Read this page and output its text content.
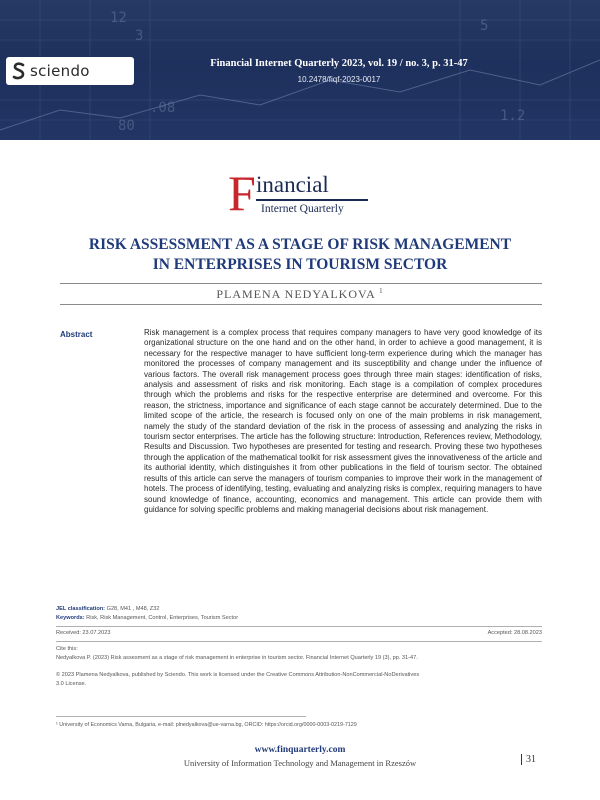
12
3
.08
80
5
1.2
sciendo	Financial Internet Quarterly 2023, vol. 19 / no. 3, p. 31-47
10.2478/fiqf-2023-0017
F inancial
Internet Quarterly
RISK ASSESSMENT AS A STAGE OF RISK MANAGEMENT
IN ENTERPRISES IN TOURISM SECTOR
PLAMENA NEDYALKOVA $^1$
Abstract	Risk management is a complex process that requires company managers to have very good knowledge of its organizational structure on the one hand and on the other hand, in order to achieve a good management, it is necessary for the respective manager to have sufficient long-term experience during which the manager has monitored the processes of company management and its susceptibility and change under the influence of various factors. The overall risk management process goes through three main stages: identification of risks, analysis and assessment of risks and risk monitoring. Each stage is a compilation of complex procedures through which the problems and risks for the respective enterprise are determined and overcome. For this reason, the strictness, importance and significance of each stage cannot be accurately determined. Due to the limited scope of the article, the research is focused only on one of the main problems in risk management, namely the study of the standard deviation of the risk in the process of assessing and analyzing the risks in tourism sector enterprises. The article has the following structure: Introduction, References review, Methodology, Results and Discussion. Two hypotheses are presented for testing and research. Proving these two hypotheses through the application of the mathematical toolkit for risk assessment gives the innovativeness of the article and its authorial identity, which distinguishes it from other publications in the field of tourism sector. The obtained results of this article can serve the managers of tourism companies to improve their work in the management of hotels. The process of identifying, testing, evaluating and analyzing risks is complex, requiring managers to have sound knowledge of finance, accounting, economics and management. This article can provide them with guidance for solving specific problems and making managerial decisions about risk management.
JEL classification: G28, M41 , M48, Z32
Keywords: Risk, Risk Management, Control, Enterprises, Tourism Sector
Received: 23.07.2023	Accepted: 28.08.2023
Cite this:
Nedyalkova P. (2023) Risk assesment as a stage of risk management in enterprise in tourism sector. Financial Internet Quarterly 19 (3), pp. 31-47.
© 2023 Plamena Nedyalkova, published by Sciendo. This work is licensed under the Creative Commons Attribution-NonCommercial-NoDerivatives
3.0 License.
¹ University of Economics Varna, Bulgaria, e-mail: plnedyalkova@ue-varna.bg, ORCID: https://orcid.org/0000-0003-0219-7129
www.finquarterly.com
University of Information Technology and Management in Rzeszów	31
